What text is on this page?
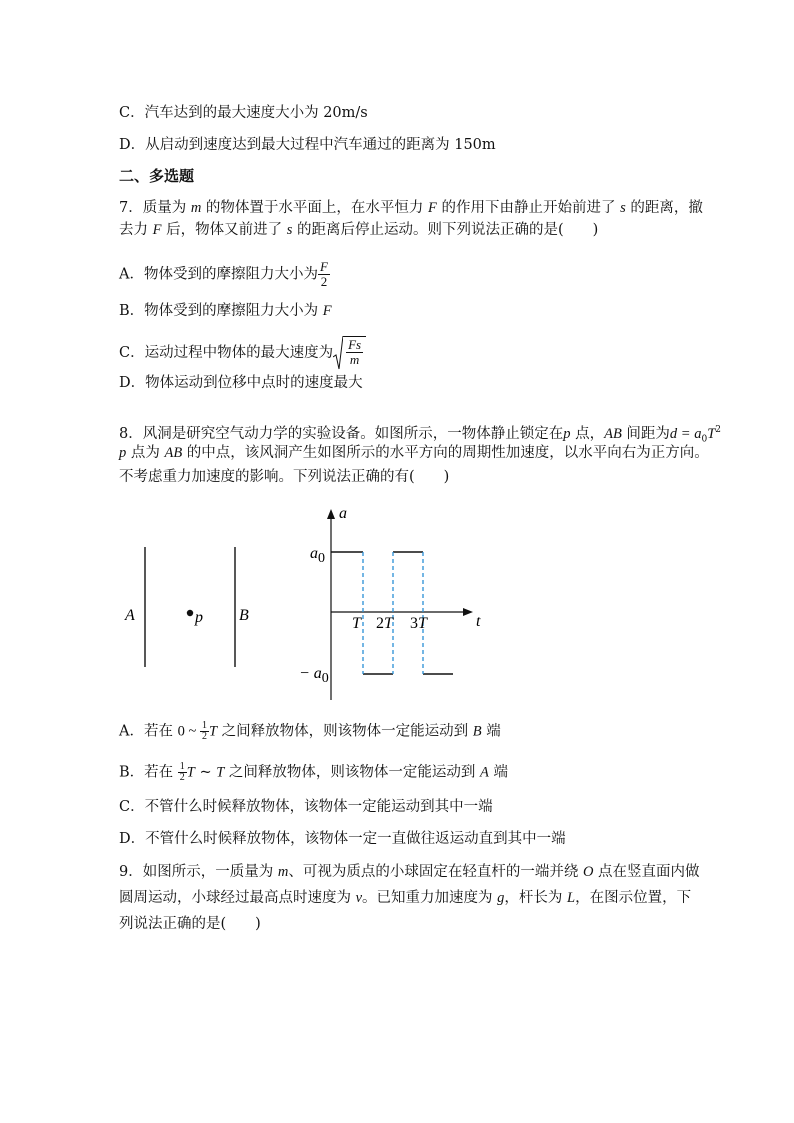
C．汽车达到的最大速度大小为 20m/s
D．从启动到速度达到最大过程中汽车通过的距离为 150m
二、多选题
7．质量为 m 的物体置于水平面上，在水平恒力 F 的作用下由静止开始前进了 s 的距离，撤
去力 F 后，物体又前进了 s 的距离后停止运动。则下列说法正确的是(　　)
A．物体受到的摩擦阻力大小为 $\frac{F}{2}$
B．物体受到的摩擦阻力大小为 F
C．运动过程中物体的最大速度为 $\frac{Fs}{m}$
D．物体运动到位移中点时的速度最大
8．风洞是研究空气动力学的实验设备。如图所示，一物体静止锁定在p 点，AB 间距为$d = a_0T^2$
p 点为 AB 的中点，该风洞产生如图所示的水平方向的周期性加速度，以水平向右为正方向。
不考虑重力加速度的影响。下列说法正确的有(　　)
A	B
p
a
t
a0
− a0
T 2T 3T
A．若在 0 ~ $\frac{1}{2}$ T 之间释放物体，则该物体一定能运动到 B 端
B．若在 $\frac{1}{2}$ T ~ T 之间释放物体，则该物体一定能运动到 A 端
C．不管什么时候释放物体，该物体一定能运动到其中一端
D．不管什么时候释放物体，该物体一定一直做往返运动直到其中一端
9．如图所示，一质量为 m、可视为质点的小球固定在轻直杆的一端并绕 O 点在竖直面内做
圆周运动，小球经过最高点时速度为 v。已知重力加速度为 g，杆长为 L，在图示位置，下
列说法正确的是(　　)
